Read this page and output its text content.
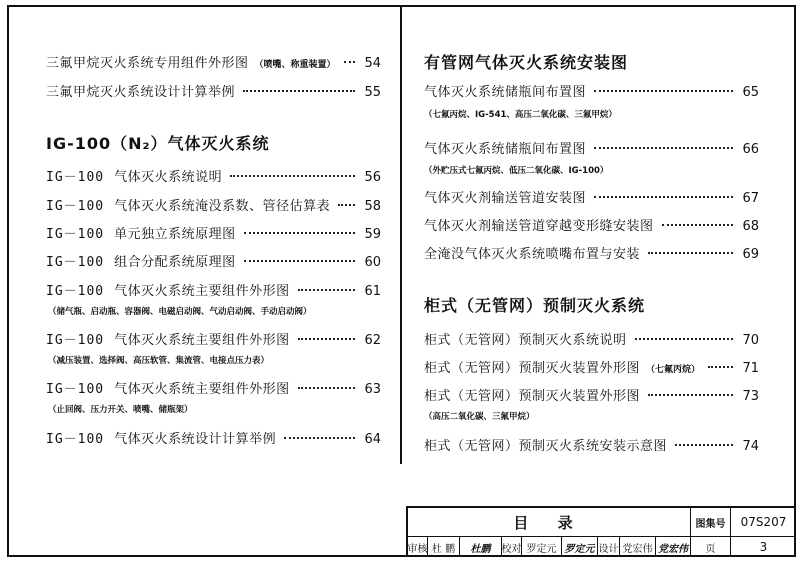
三氟甲烷灭火系统专用组件外形图 （喷嘴、称重装置） 54
三氟甲烷灭火系统设计计算举例	55
IG-100（N₂）气体灭火系统
IG－100 气体灭火系统说明	56
IG－100 气体灭火系统淹没系数、管径估算表	58
IG－100 单元独立系统原理图	59
IG－100 组合分配系统原理图	60
IG－100 气体灭火系统主要组件外形图	61
（储气瓶、启动瓶、容器阀、电磁启动阀、气动启动阀、手动启动阀）
IG－100 气体灭火系统主要组件外形图	62
（减压装置、选择阀、高压软管、集流管、电接点压力表）
IG－100 气体灭火系统主要组件外形图	63
（止回阀、压力开关、喷嘴、储瓶架）
IG－100 气体灭火系统设计计算举例	64
有管网气体灭火系统安装图
气体灭火系统储瓶间布置图	65
（七氟丙烷、IG-541、高压二氧化碳、三氟甲烷）
气体灭火系统储瓶间布置图	66
（外贮压式七氟丙烷、低压二氧化碳、IG-100）
气体灭火剂输送管道安装图	67
气体灭火剂输送管道穿越变形缝安装图	68
全淹没气体灭火系统喷嘴布置与安装	69
柜式（无管网）预制灭火系统
柜式（无管网）预制灭火系统说明	70
柜式（无管网）预制灭火装置外形图 （七氟丙烷）	71
柜式（无管网）预制灭火装置外形图	73
（高压二氧化碳、三氟甲烷）
柜式（无管网）预制灭火系统安装示意图	74
目 录	图集号	07S207
审核 杜 鹏	杜鹏	校对 罗定元 罗定元 设计 党宏伟 党宏伟	页	3
